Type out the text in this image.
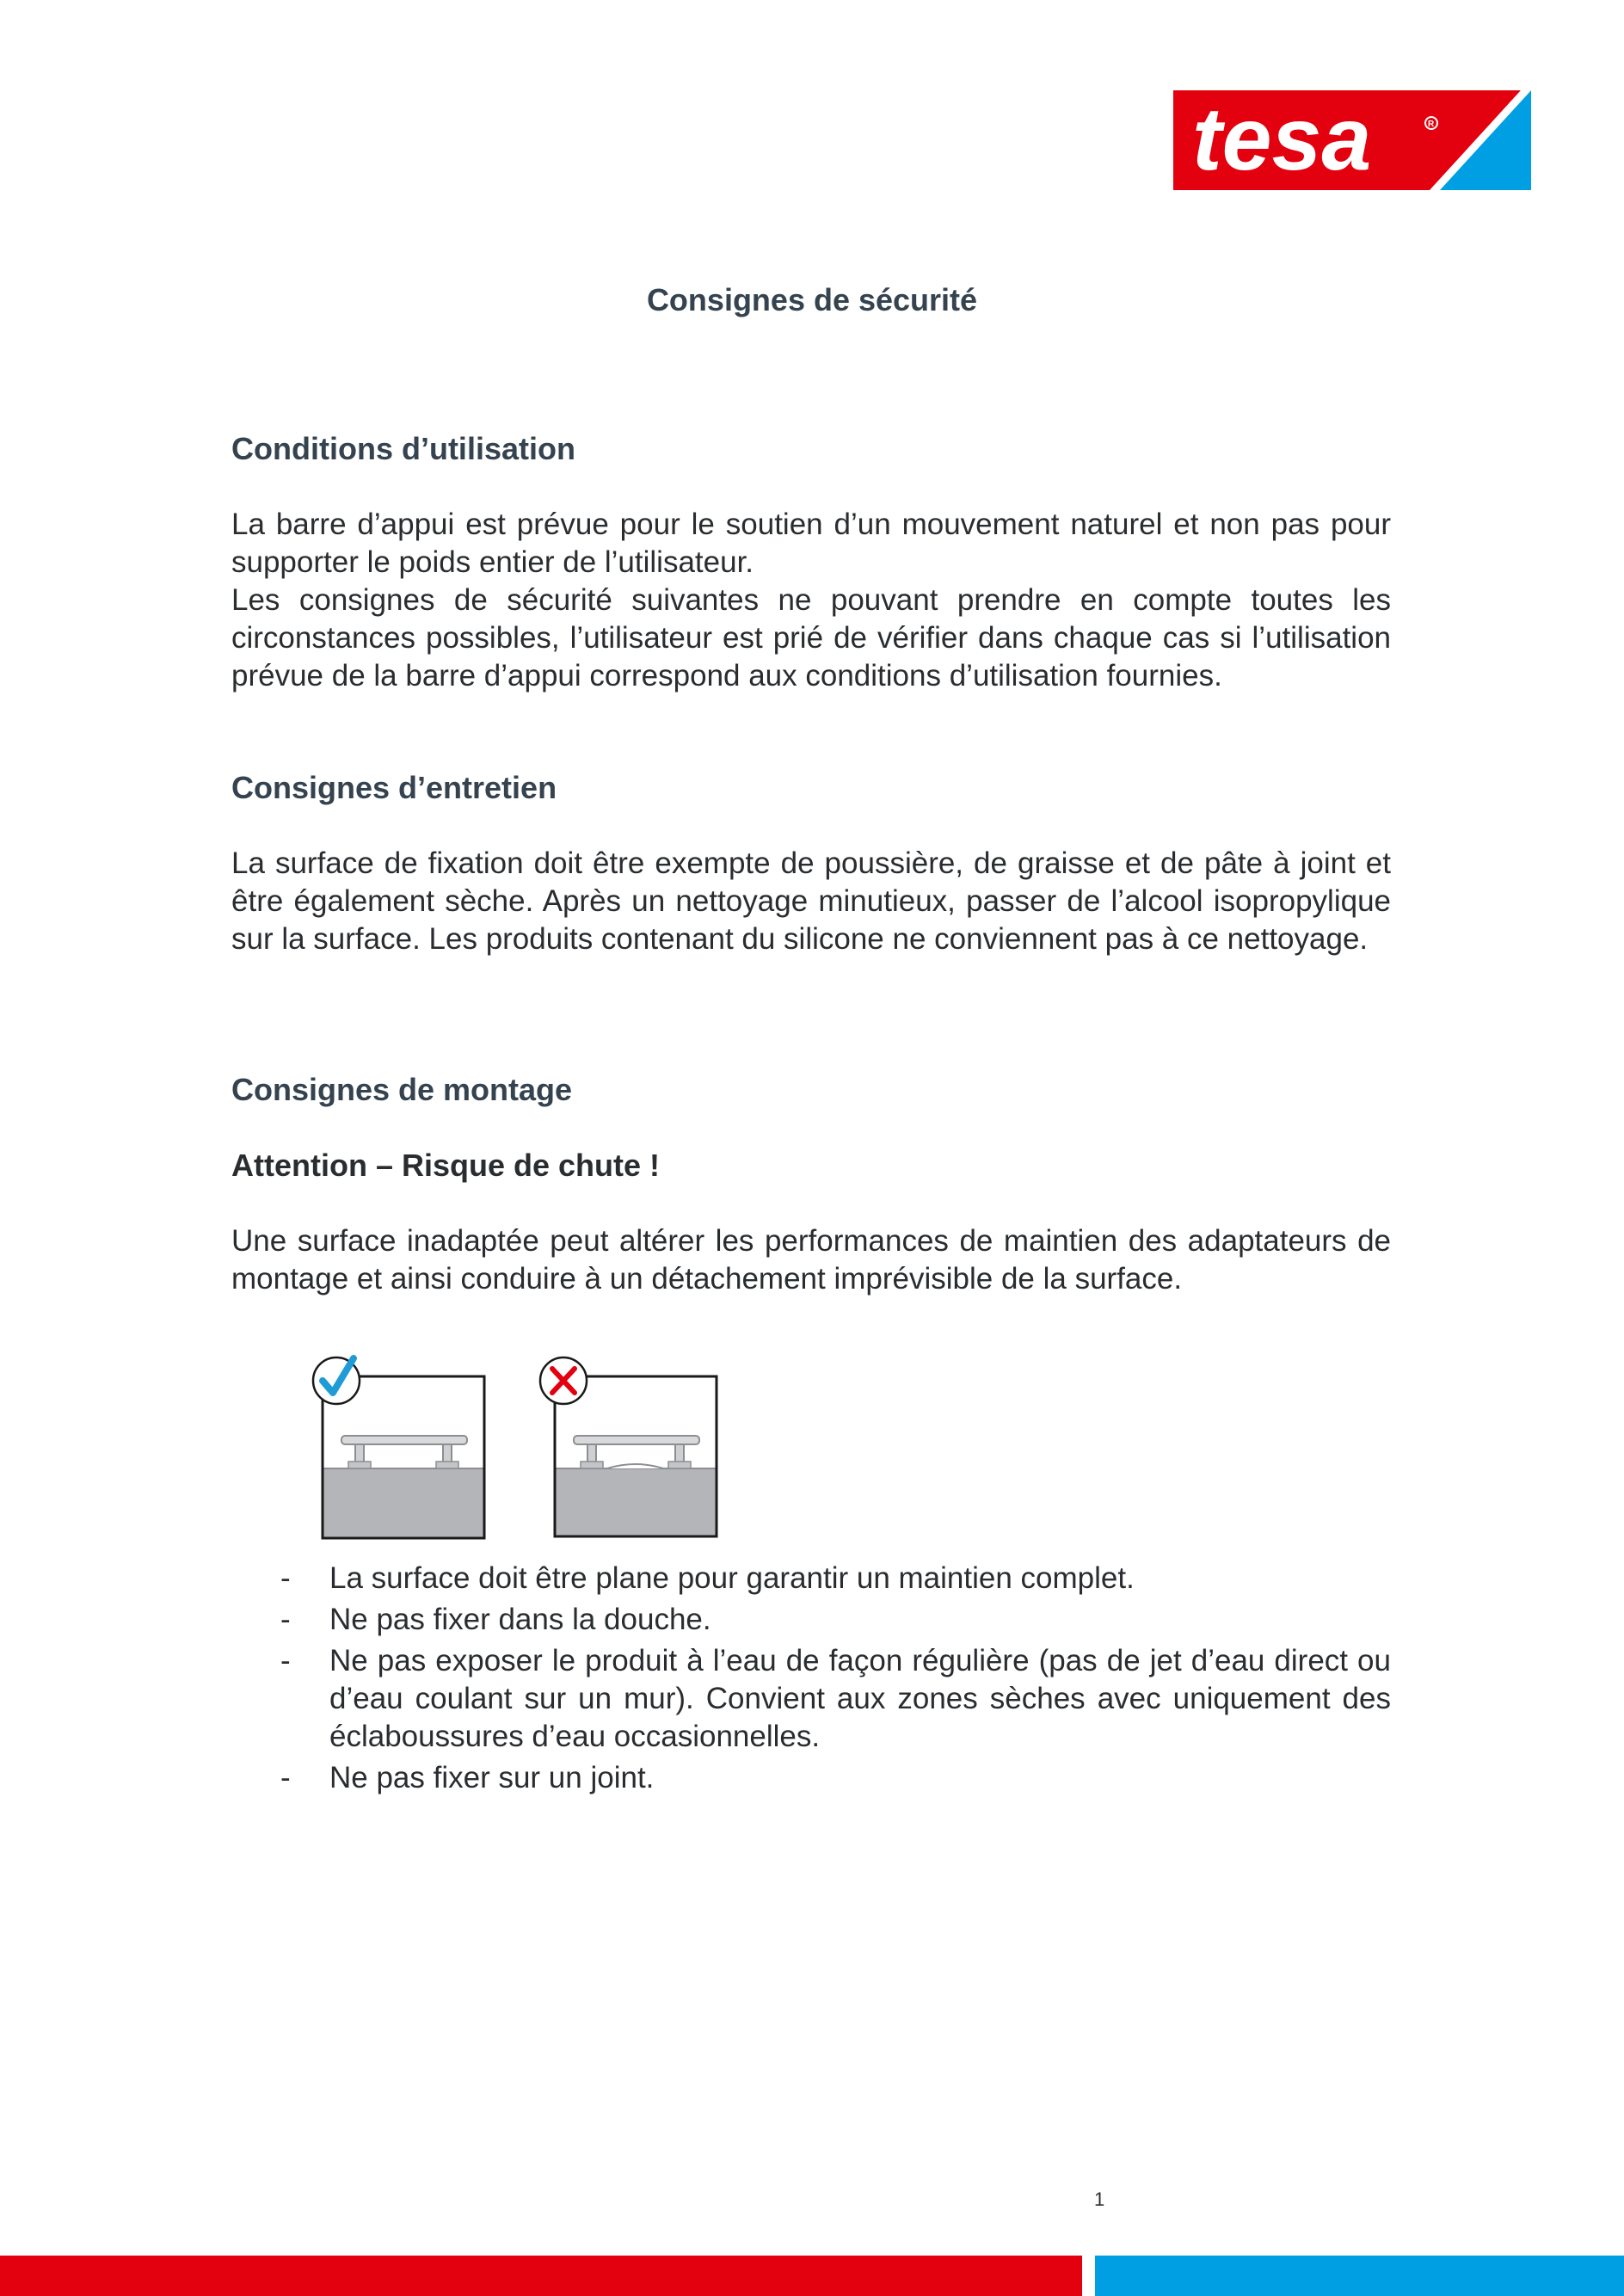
tesa	R
Consignes de sécurité
Conditions d’utilisation

La barre d’appui est prévue pour le soutien d’un mouvement naturel et non pas pour supporter le poids entier de l’utilisateur.

Les consignes de sécurité suivantes ne pouvant prendre en compte toutes les circonstances possibles, l’utilisateur est prié de vérifier dans chaque cas si l’utilisation prévue de la barre d’appui correspond aux conditions d’utilisation fournies.

Consignes d’entretien

La surface de fixation doit être exempte de poussière, de graisse et de pâte à joint et être également sèche. Après un nettoyage minutieux, passer de l’alcool isopropylique sur la surface. Les produits contenant du silicone ne conviennent pas à ce nettoyage.

Consignes de montage
Attention – Risque de chute !

Une surface inadaptée peut altérer les performances de maintien des adaptateurs de montage et ainsi conduire à un détachement imprévisible de la surface.

- La surface doit être plane pour garantir un maintien complet.
- Ne pas fixer dans la douche.
- Ne pas exposer le produit à l’eau de façon régulière (pas de jet d’eau direct ou d’eau coulant sur un mur). Convient aux zones sèches avec uniquement des éclaboussures d’eau occasionnelles.
- Ne pas fixer sur un joint.
1
